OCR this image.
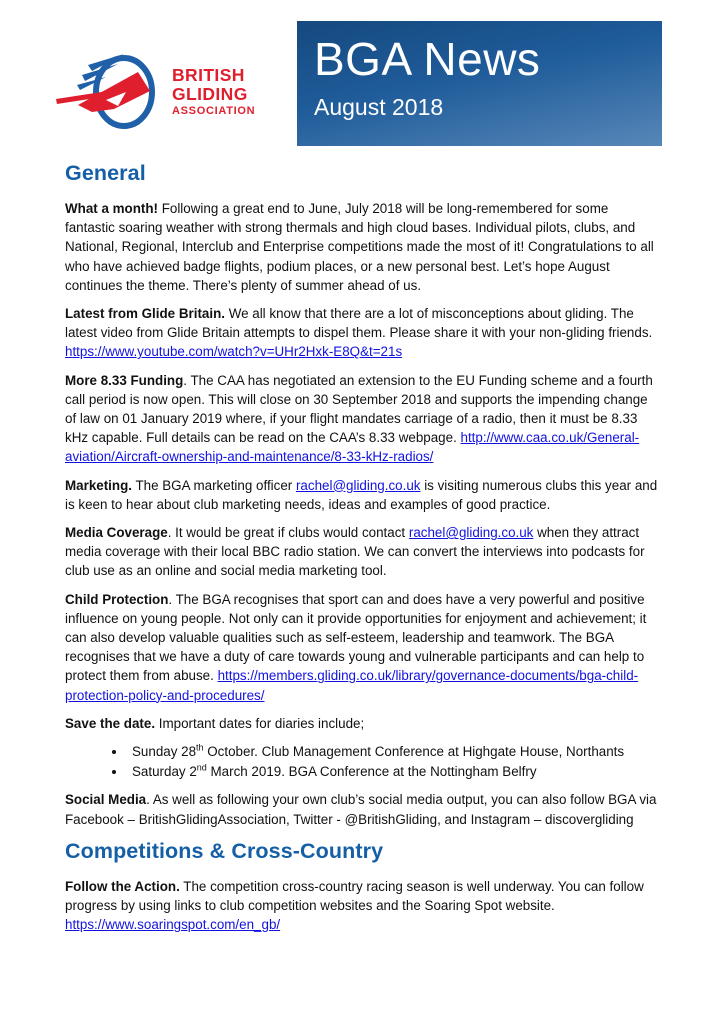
BRITISH
GLIDING
ASSOCIATION
BGA News
August 2018
General

What a month! Following a great end to June, July 2018 will be long-remembered for some fantastic soaring weather with strong thermals and high cloud bases. Individual pilots, clubs, and National, Regional, Interclub and Enterprise competitions made the most of it! Congratulations to all who have achieved badge flights, podium places, or a new personal best. Let’s hope August continues the theme. There’s plenty of summer ahead of us.

Latest from Glide Britain. We all know that there are a lot of misconceptions about gliding. The latest video from Glide Britain attempts to dispel them. Please share it with your non-gliding friends. https://www.youtube.com/watch?v=UHr2Hxk-E8Q&t=21s

More 8.33 Funding. The CAA has negotiated an extension to the EU Funding scheme and a fourth call period is now open. This will close on 30 September 2018 and supports the impending change of law on 01 January 2019 where, if your flight mandates carriage of a radio, then it must be 8.33 kHz capable. Full details can be read on the CAA’s 8.33 webpage. http://www.caa.co.uk/General-aviation/Aircraft-ownership-and-maintenance/8-33-kHz-radios/

Marketing. The BGA marketing officer rachel@gliding.co.uk is visiting numerous clubs this year and is keen to hear about club marketing needs, ideas and examples of good practice.

Media Coverage. It would be great if clubs would contact rachel@gliding.co.uk when they attract media coverage with their local BBC radio station. We can convert the interviews into podcasts for club use as an online and social media marketing tool.

Child Protection. The BGA recognises that sport can and does have a very powerful and positive influence on young people. Not only can it provide opportunities for enjoyment and achievement; it can also develop valuable qualities such as self-esteem, leadership and teamwork. The BGA recognises that we have a duty of care towards young and vulnerable participants and can help to protect them from abuse. https://members.gliding.co.uk/library/governance-documents/bga-child-protection-policy-and-procedures/

Save the date. Important dates for diaries include;

• Sunday 28th October. Club Management Conference at Highgate House, Northants
• Saturday 2nd March 2019. BGA Conference at the Nottingham Belfry

Social Media. As well as following your own club’s social media output, you can also follow BGA via Facebook – BritishGlidingAssociation, Twitter - @BritishGliding, and Instagram – discovergliding

Competitions & Cross-Country

Follow the Action. The competition cross-country racing season is well underway. You can follow progress by using links to club competition websites and the Soaring Spot website. https://www.soaringspot.com/en_gb/
